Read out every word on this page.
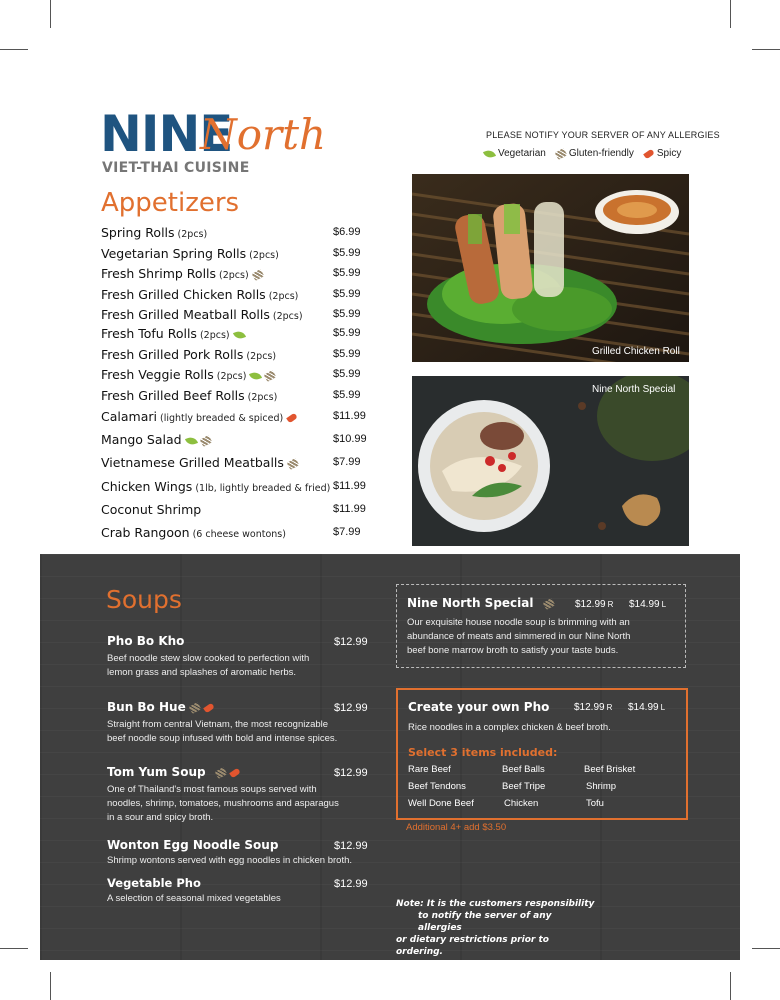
NINE
North
VIET-THAI CUISINE
PLEASE NOTIFY YOUR SERVER OF ANY ALLERGIES
Vegetarian Gluten-friendly Spicy
Appetizers
Spring Rolls (2pcs)	$6.99
Vegetarian Spring Rolls (2pcs)	$5.99
Fresh Shrimp Rolls (2pcs)	$5.99
Fresh Grilled Chicken Rolls (2pcs)	$5.99
Fresh Grilled Meatball Rolls (2pcs)	$5.99
Fresh Tofu Rolls (2pcs)	$5.99
Fresh Grilled Pork Rolls (2pcs)	$5.99
Fresh Veggie Rolls (2pcs)	$5.99
Fresh Grilled Beef Rolls (2pcs)	$5.99
Calamari (lightly breaded & spiced)	$11.99
Mango Salad	$10.99
Vietnamese Grilled Meatballs	$7.99
Chicken Wings (1lb, lightly breaded & fried) $11.99
Coconut Shrimp	$11.99
Crab Rangoon (6 cheese wontons)	$7.99
Grilled Chicken Roll
Nine North Special
Soups
Pho Bo Kho	$12.99
Beef noodle stew slow cooked to perfection with
lemon grass and splashes of aromatic herbs.
Bun Bo Hue	$12.99
Straight from central Vietnam, the most recognizable
beef noodle soup infused with bold and intense spices.
Tom Yum Soup	$12.99
One of Thailand's most famous soups served with
noodles, shrimp, tomatoes, mushrooms and asparagus
in a sour and spicy broth.
Wonton Egg Noodle Soup	$12.99
Shrimp wontons served with egg noodles in chicken broth.
Vegetable Pho	$12.99
A selection of seasonal mixed vegetables
Nine North Special	$12.99 R $14.99 L
Our exquisite house noodle soup is brimming with an
abundance of meats and simmered in our Nine North
beef bone marrow broth to satisfy your taste buds.
Create your own Pho $12.99 R $14.99 L
Rice noodles in a complex chicken & beef broth.
Select 3 items included:
Rare Beef	Beef Balls	Beef Brisket
Beef Tendons	Beef Tripe	Shrimp
Well Done Beef	Chicken	Tofu
Additional 4+ add $3.50
Note: It is the customers responsibility
to notify the server of any allergies
or dietary restrictions prior to ordering.
